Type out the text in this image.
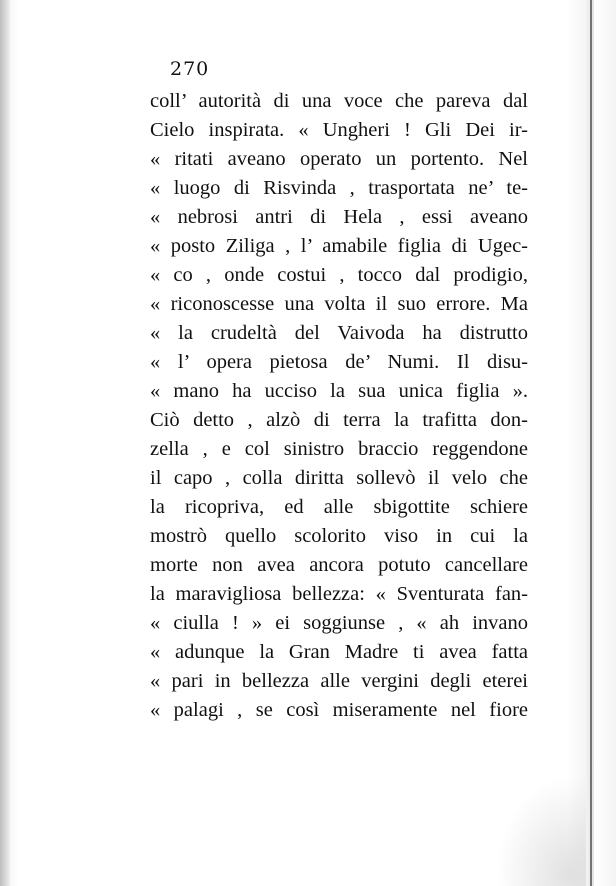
270
coll’ autorità di una voce che pareva dal
Cielo inspirata. « Ungheri ! Gli Dei ir-
« ritati aveano operato un portento. Nel
« luogo di Risvinda , trasportata ne’ te-
« nebrosi antri di Hela , essi aveano
« posto Ziliga , l’ amabile figlia di Ugec-
« co , onde costui , tocco dal prodigio,
« riconoscesse una volta il suo errore. Ma
« la crudeltà del Vaivoda ha distrutto
« l’ opera pietosa de’ Numi. Il disu-
« mano ha ucciso la sua unica figlia ».
Ciò detto , alzò di terra la trafitta don-
zella , e col sinistro braccio reggendone
il capo , colla diritta sollevò il velo che
la ricopriva, ed alle sbigottite schiere
mostrò quello scolorito viso in cui la
morte non avea ancora potuto cancellare
la maravigliosa bellezza: « Sventurata fan-
« ciulla ! » ei soggiunse , « ah invano
« adunque la Gran Madre ti avea fatta
« pari in bellezza alle vergini degli eterei
« palagi , se così miseramente nel fiore
